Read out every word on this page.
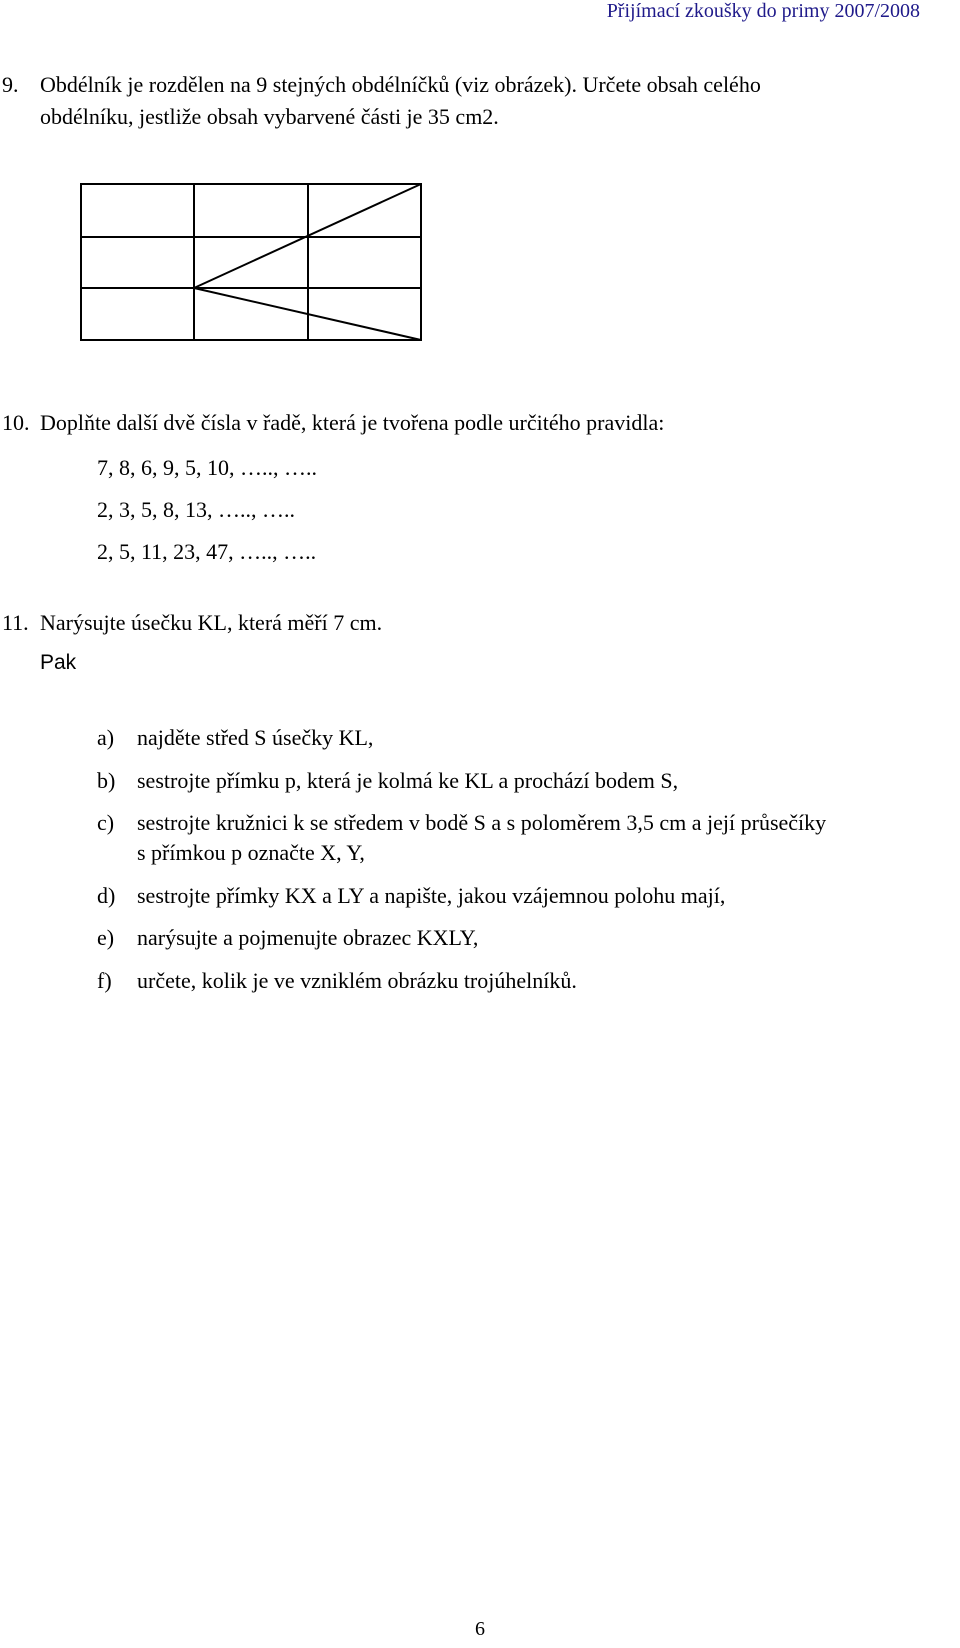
Přijímací zkoušky do primy 2007/2008
9. Obdélník je rozdělen na 9 stejných obdélníčků (viz obrázek). Určete obsah celého
obdélníku, jestliže obsah vybarvené části je 35 cm2.
10. Doplňte další dvě čísla v řadě, která je tvořena podle určitého pravidla:
7, 8, 6, 9, 5, 10, ….., …..
2, 3, 5, 8, 13, ….., …..
2, 5, 11, 23, 47, ….., …..
11. Narýsujte úsečku KL, která měří 7 cm.
Pak
a) najděte střed S úsečky KL,
b) sestrojte přímku p, která je kolmá ke KL a prochází bodem S,
c) sestrojte kružnici k se středem v bodě S a s poloměrem 3,5 cm a její průsečíky
s přímkou p označte X, Y,
d) sestrojte přímky KX a LY a napište, jakou vzájemnou polohu mají,
e) narýsujte a pojmenujte obrazec KXLY,
f) určete, kolik je ve vzniklém obrázku trojúhelníků.
6
